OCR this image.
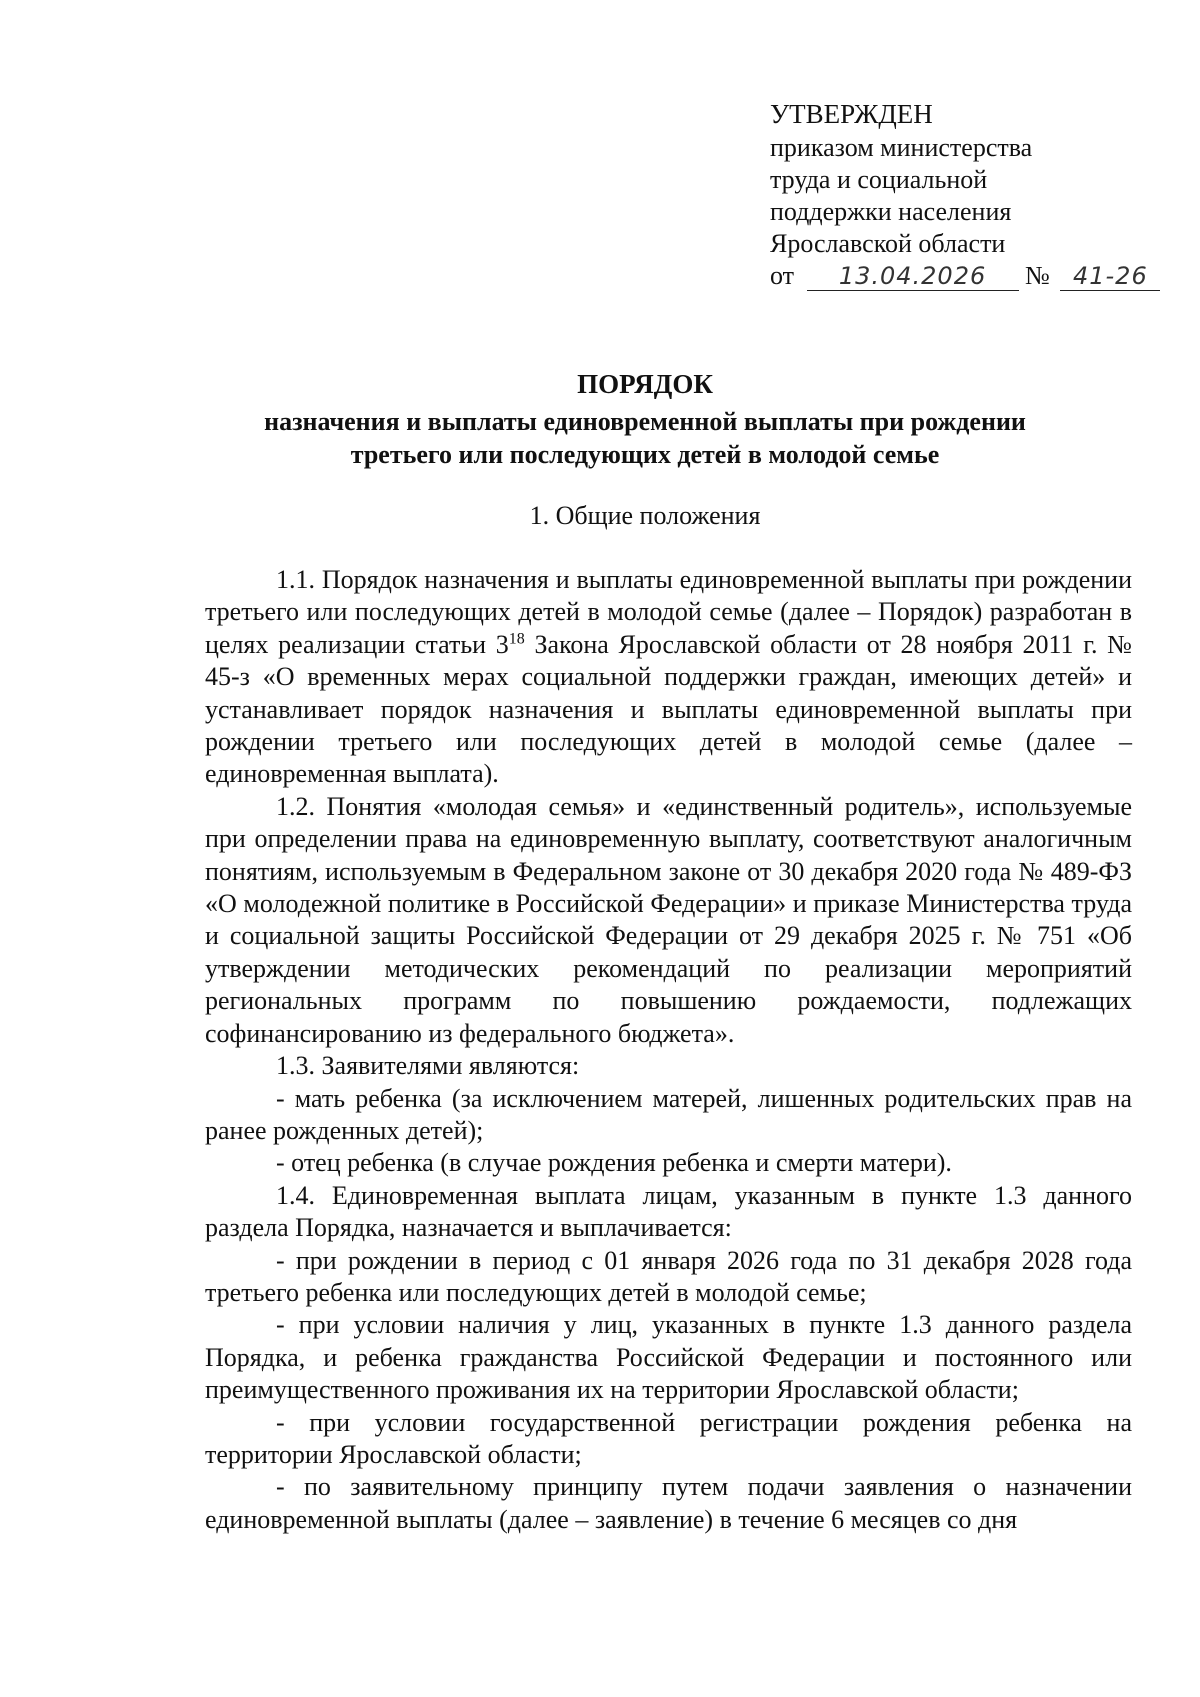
УТВЕРЖДЕН
приказом министерства
труда и социальной
поддержки населения
Ярославской области
от 13.04.2026 № 41-26
ПОРЯДОК
назначения и выплаты единовременной выплаты при рождении
третьего или последующих детей в молодой семье
1. Общие положения

1.1. Порядок назначения и выплаты единовременной выплаты при рождении третьего или последующих детей в молодой семье (далее – Порядок) разработан в целях реализации статьи $3^{18}$ Закона Ярославской области от 28 ноября 2011 г. № 45-з «О временных мерах социальной поддержки граждан, имеющих детей» и устанавливает порядок назначения и выплаты единовременной выплаты при рождении третьего или последующих детей в молодой семье (далее – единовременная выплата).

1.2. Понятия «молодая семья» и «единственный родитель», используемые при определении права на единовременную выплату, соответствуют аналогичным понятиям, используемым в Федеральном законе от 30 декабря 2020 года № 489-ФЗ «О молодежной политике в Российской Федерации» и приказе Министерства труда и социальной защиты Российской Федерации от 29 декабря 2025 г. № 751 «Об утверждении методических рекомендаций по реализации мероприятий региональных программ по повышению рождаемости, подлежащих софинансированию из федерального бюджета».

1.3. Заявителями являются:

- мать ребенка (за исключением матерей, лишенных родительских прав на ранее рожденных детей);

- отец ребенка (в случае рождения ребенка и смерти матери).

1.4. Единовременная выплата лицам, указанным в пункте 1.3 данного раздела Порядка, назначается и выплачивается:

- при рождении в период с 01 января 2026 года по 31 декабря 2028 года третьего ребенка или последующих детей в молодой семье;

- при условии наличия у лиц, указанных в пункте 1.3 данного раздела Порядка, и ребенка гражданства Российской Федерации и постоянного или преимущественного проживания их на территории Ярославской области;

- при условии государственной регистрации рождения ребенка на территории Ярославской области;

- по заявительному принципу путем подачи заявления о назначении единовременной выплаты (далее – заявление) в течение 6 месяцев со дня
